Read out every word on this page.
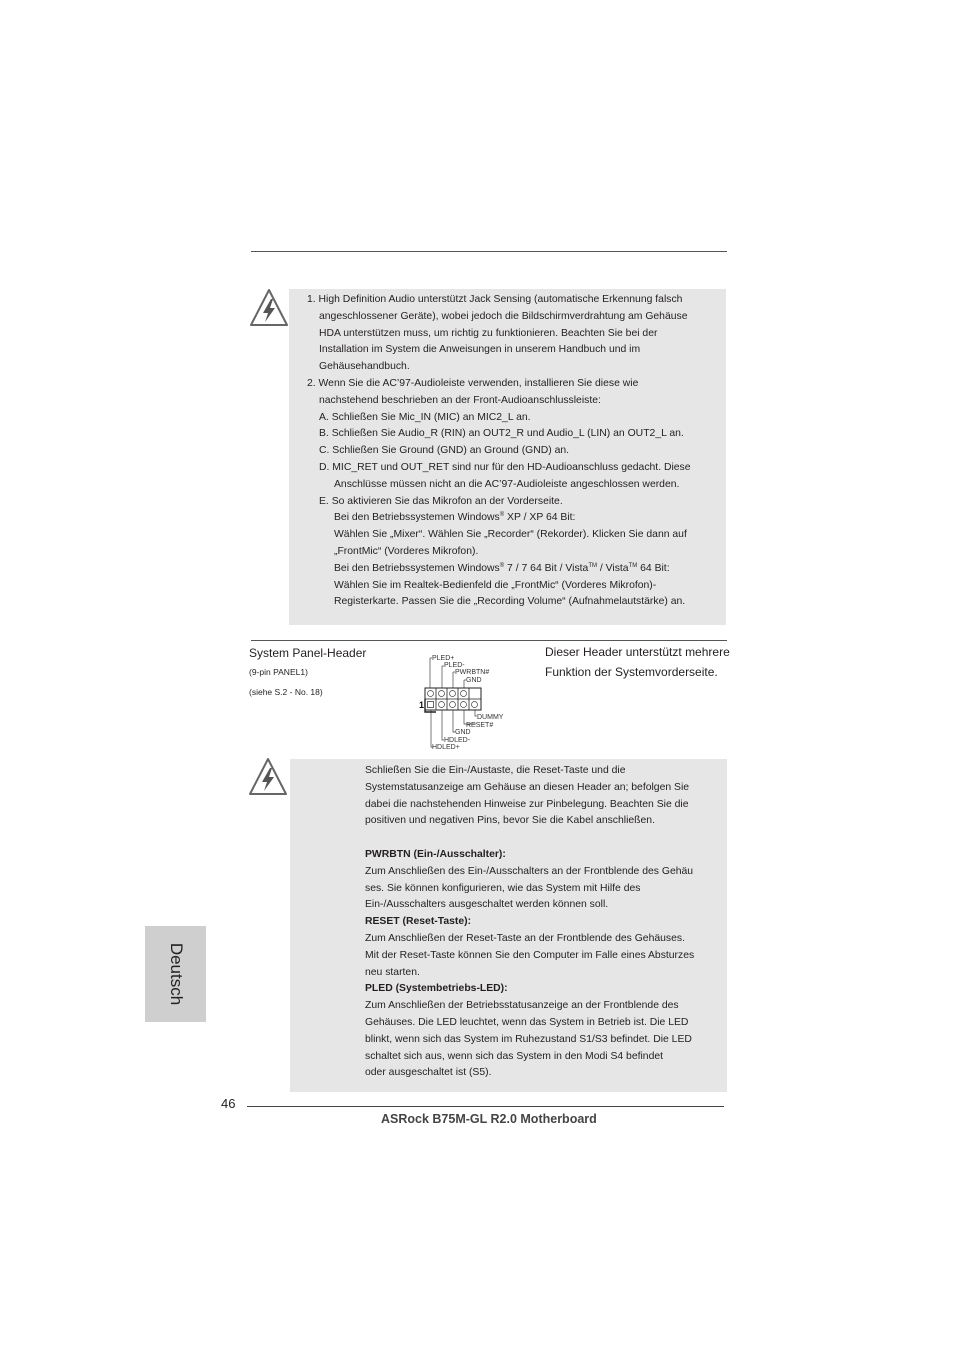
1. High Definition Audio unterstützt Jack Sensing (automatische Erkennung falsch
angeschlossener Geräte), wobei jedoch die Bildschirmverdrahtung am Gehäuse
HDA unterstützen muss, um richtig zu funktionieren. Beachten Sie bei der
Installation im System die Anweisungen in unserem Handbuch und im
Gehäusehandbuch.
2. Wenn Sie die AC’97-Audioleiste verwenden, installieren Sie diese wie
nachstehend beschrieben an der Front-Audioanschlussleiste:
A. Schließen Sie Mic_IN (MIC) an MIC2_L an.
B. Schließen Sie Audio_R (RIN) an OUT2_R und Audio_L (LIN) an OUT2_L an.
C. Schließen Sie Ground (GND) an Ground (GND) an.
D. MIC_RET und OUT_RET sind nur für den HD-Audioanschluss gedacht. Diese
Anschlüsse müssen nicht an die AC’97-Audioleiste angeschlossen werden.
E. So aktivieren Sie das Mikrofon an der Vorderseite.
Bei den Betriebssystemen Windows® XP / XP 64 Bit:
Wählen Sie „Mixer“. Wählen Sie „Recorder“ (Rekorder). Klicken Sie dann auf
„FrontMic“ (Vorderes Mikrofon).
Bei den Betriebssystemen Windows® 7 / 7 64 Bit / Vista™ / Vista™ 64 Bit:
Wählen Sie im Realtek-Bedienfeld die „FrontMic“ (Vorderes Mikrofon)-
Registerkarte. Passen Sie die „Recording Volume“ (Aufnahmelautstärke) an.
System Panel-Header
(9-pin PANEL1)
(siehe S.2 - No. 18)
Dieser Header unterstützt mehrere Funktion der Systemvorderseite.
PLED+
PLED-
PWRBTN#
GND
DUMMY
RESET#
GND
HDLED-
HDLED+
1
Schließen Sie die Ein-/Austaste, die Reset-Taste und die
Systemstatusanzeige am Gehäuse an diesen Header an; befolgen Sie
dabei die nachstehenden Hinweise zur Pinbelegung. Beachten Sie die
positiven und negativen Pins, bevor Sie die Kabel anschließen.
PWRBTN (Ein-/Ausschalter):
Zum Anschließen des Ein-/Ausschalters an der Frontblende des Gehäu
ses. Sie können konfigurieren, wie das System mit Hilfe des
Ein-/Ausschalters ausgeschaltet werden können soll.
RESET (Reset-Taste):
Zum Anschließen der Reset-Taste an der Frontblende des Gehäuses.
Mit der Reset-Taste können Sie den Computer im Falle eines Absturzes
neu starten.
PLED (Systembetriebs-LED):
Zum Anschließen der Betriebsstatusanzeige an der Frontblende des
Gehäuses. Die LED leuchtet, wenn das System in Betrieb ist. Die LED
blinkt, wenn sich das System im Ruhezustand S1/S3 befindet. Die LED
schaltet sich aus, wenn sich das System in den Modi S4 befindet
oder ausgeschaltet ist (S5).
Deutsch
46
ASRock B75M-GL R2.0 Motherboard
